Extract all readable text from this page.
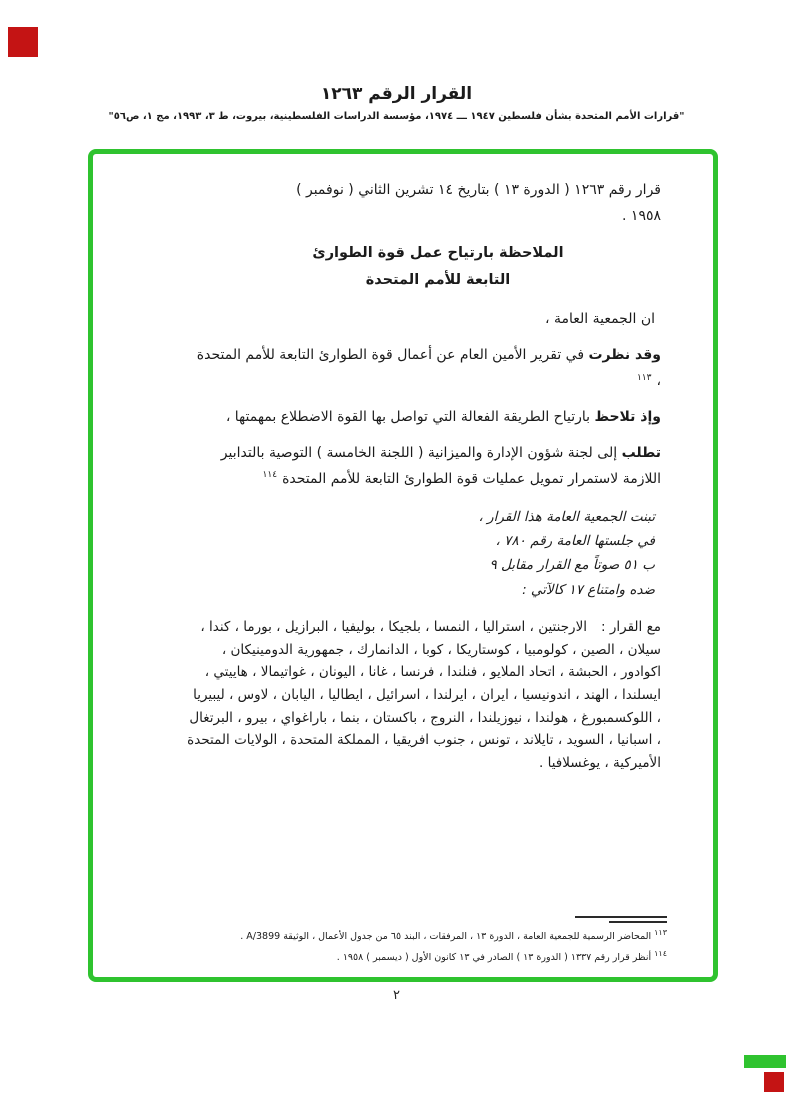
القرار الرقم ١٢٦٣
"قرارات الأمم المتحدة بشأن فلسطين ١٩٤٧ ـــ ١٩٧٤، مؤسسة الدراسات الفلسطينية، بيروت، ط ٣، ١٩٩٣، مج ١، ص٥٦"
قرار رقم ١٢٦٣ ( الدورة ١٣ ) بتاريخ ١٤ تشرين الثاني ( نوفمبر )
١٩٥٨ .
الملاحظة بارتياح عمل قوة الطوارئ
التابعة للأمم المتحدة

ان الجمعية العامة ،

وقد نظرت في تقرير الأمين العام عن أعمال قوة الطوارئ التابعة للأمم المتحدة ،$^{١١٣}$

وإذ تلاحظ بارتياح الطريقة الفعالة التي تواصل بها القوة الاضطلاع بمهمتها ،

تطلب إلى لجنة شؤون الإدارة والميزانية ( اللجنة الخامسة ) التوصية بالتدابير اللازمة لاستمرار تمويل عمليات قوة الطوارئ التابعة للأمم المتحدة$^{١١٤}$

تبنت الجمعية العامة هذا القرار ،
في جلستها العامة رقم ٧٨٠ ،
ب ٥١ صوتاً مع القرار مقابل ٩
ضده وامتناع ١٧ كالآتي :

مع القرار :الارجنتين ، استراليا ، النمسا ، بلجيكا ، بوليفيا ، البرازيل ، بورما ، كندا ، سيلان ، الصين ، كولومبيا ، كوستاريكا ، كوبا ، الدانمارك ، جمهورية الدومينيكان ، اكوادور ، الحبشة ، اتحاد الملايو ، فنلندا ، فرنسا ، غانا ، اليونان ، غواتيمالا ، هاييتي ، ايسلندا ، الهند ، اندونيسيا ، ايران ، ايرلندا ، اسرائيل ، ايطاليا ، اليابان ، لاوس ، ليبيريا ، اللوكسمبورغ ، هولندا ، نيوزيلندا ، النروج ، باكستان ، بنما ، باراغواي ، بيرو ، البرتغال ، اسبانيا ، السويد ، تايلاند ، تونس ، جنوب افريقيا ، المملكة المتحدة ، الولايات المتحدة الأميركية ، يوغسلافيا .

$^{١١٣}$المحاضر الرسمية للجمعية العامة ، الدورة ١٣ ، المرفقات ، البند ٦٥ من جدول الأعمال ، الوثيقة A/3899 .
$^{١١٤}$أنظر قرار رقم ١٣٣٧ ( الدورة ١٣ ) الصادر في ١٣ كانون الأول ( ديسمبر ) ١٩٥٨ .
٢
